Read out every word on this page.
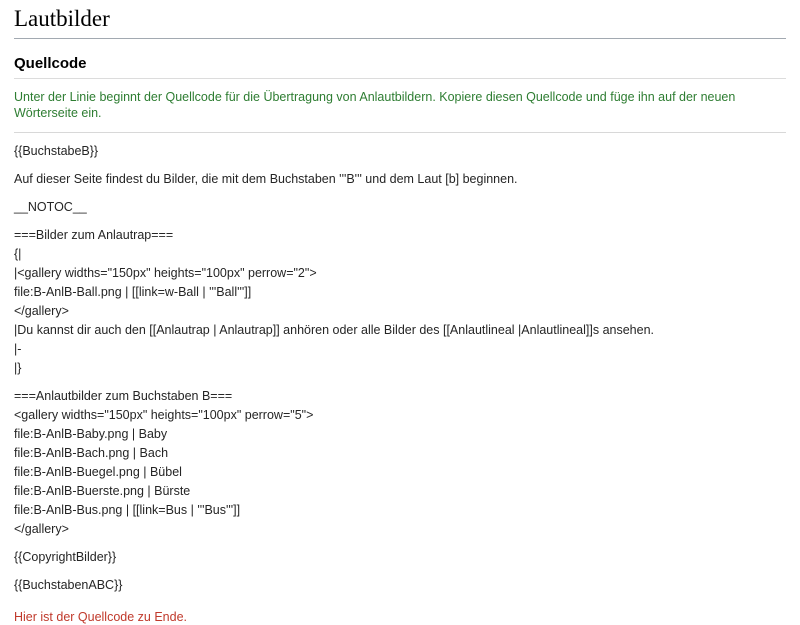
Lautbilder
Quellcode

Unter der Linie beginnt der Quellcode für die Übertragung von Anlautbildern. Kopiere diesen Quellcode und füge ihn auf der neuen Wörterseite ein.

{{BuchstabeB}}
Auf dieser Seite findest du Bilder, die mit dem Buchstaben '''B''' und dem Laut [b] beginnen.
__NOTOC__
===Bilder zum Anlautrap===
{|
|<gallery widths="150px" heights="100px" perrow="2">
file:B-AnlB-Ball.png | [[link=w-Ball | '''Ball''']]
</gallery>
|Du kannst dir auch den [[Anlautrap | Anlautrap]] anhören oder alle Bilder des [[Anlautlineal |Anlautlineal]]s ansehen.
|-
|}
===Anlautbilder zum Buchstaben B===
<gallery widths="150px" heights="100px" perrow="5">
file:B-AnlB-Baby.png | Baby
file:B-AnlB-Bach.png | Bach
file:B-AnlB-Buegel.png | Bübel
file:B-AnlB-Buerste.png | Bürste
file:B-AnlB-Bus.png | [[link=Bus | '''Bus''']]
</gallery>
{{CopyrightBilder}}
{{BuchstabenABC}}

Hier ist der Quellcode zu Ende.
